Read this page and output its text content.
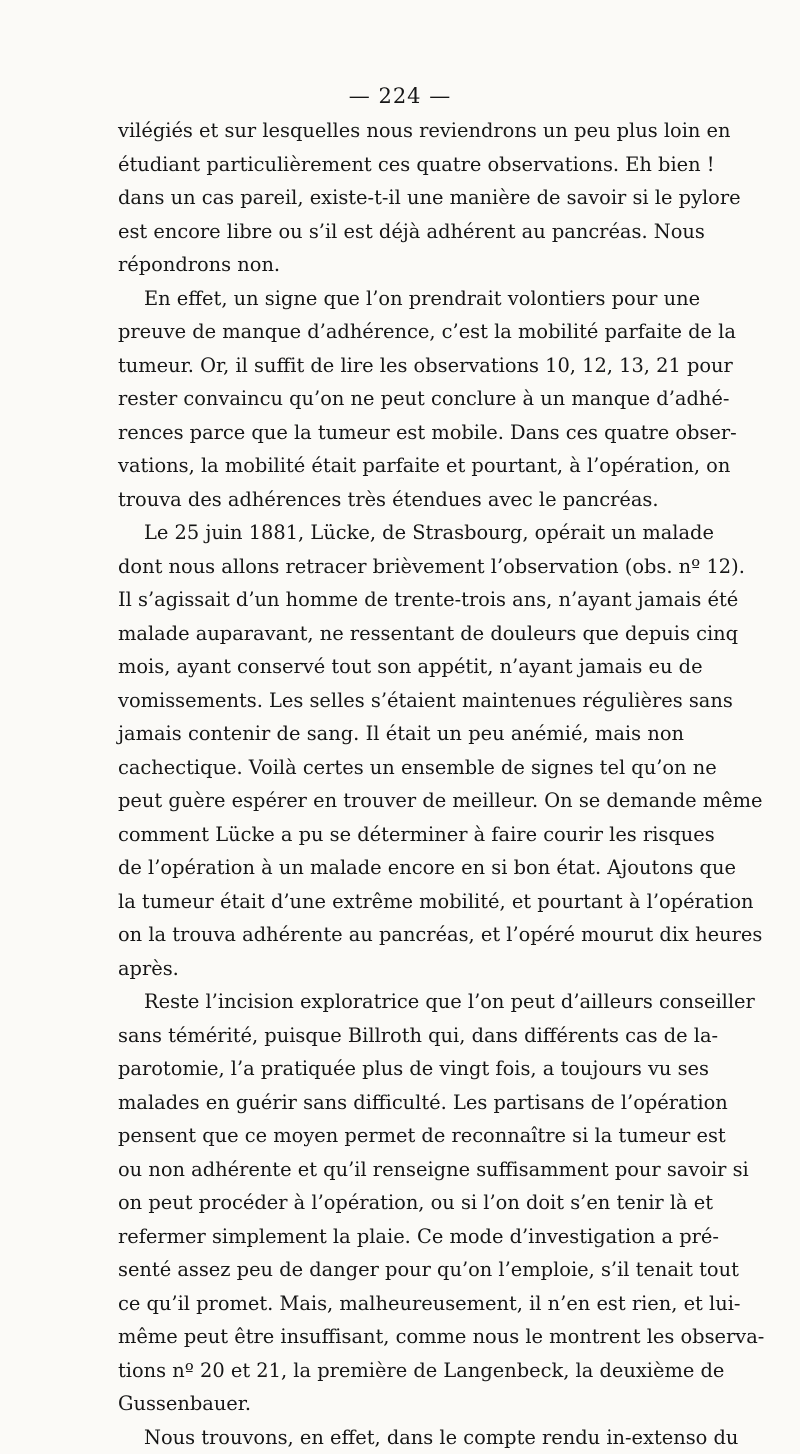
— 224 —
vilégiés et sur lesquelles nous reviendrons un peu plus loin en
étudiant particulièrement ces quatre observations. Eh bien !
dans un cas pareil, existe-t-il une manière de savoir si le pylore
est encore libre ou s’il est déjà adhérent au pancréas. Nous
répondrons non.
En effet, un signe que l’on prendrait volontiers pour une
preuve de manque d’adhérence, c’est la mobilité parfaite de la
tumeur. Or, il suffit de lire les observations 10, 12, 13, 21 pour
rester convaincu qu’on ne peut conclure à un manque d’adhé-
rences parce que la tumeur est mobile. Dans ces quatre obser-
vations, la mobilité était parfaite et pourtant, à l’opération, on
trouva des adhérences très étendues avec le pancréas.
Le 25 juin 1881, Lücke, de Strasbourg, opérait un malade
dont nous allons retracer brièvement l’observation (obs. nº 12).
Il s’agissait d’un homme de trente-trois ans, n’ayant jamais été
malade auparavant, ne ressentant de douleurs que depuis cinq
mois, ayant conservé tout son appétit, n’ayant jamais eu de
vomissements. Les selles s’étaient maintenues régulières sans
jamais contenir de sang. Il était un peu anémié, mais non
cachectique. Voilà certes un ensemble de signes tel qu’on ne
peut guère espérer en trouver de meilleur. On se demande même
comment Lücke a pu se déterminer à faire courir les risques
de l’opération à un malade encore en si bon état. Ajoutons que
la tumeur était d’une extrême mobilité, et pourtant à l’opération
on la trouva adhérente au pancréas, et l’opéré mourut dix heures
après.
Reste l’incision exploratrice que l’on peut d’ailleurs conseiller
sans témérité, puisque Billroth qui, dans différents cas de la-
parotomie, l’a pratiquée plus de vingt fois, a toujours vu ses
malades en guérir sans difficulté. Les partisans de l’opération
pensent que ce moyen permet de reconnaître si la tumeur est
ou non adhérente et qu’il renseigne suffisamment pour savoir si
on peut procéder à l’opération, ou si l’on doit s’en tenir là et
refermer simplement la plaie. Ce mode d’investigation a pré-
senté assez peu de danger pour qu’on l’emploie, s’il tenait tout
ce qu’il promet. Mais, malheureusement, il n’en est rien, et lui-
même peut être insuffisant, comme nous le montrent les observa-
tions nº 20 et 21, la première de Langenbeck, la deuxième de
Gussenbauer.
Nous trouvons, en effet, dans le compte rendu in-extenso du
